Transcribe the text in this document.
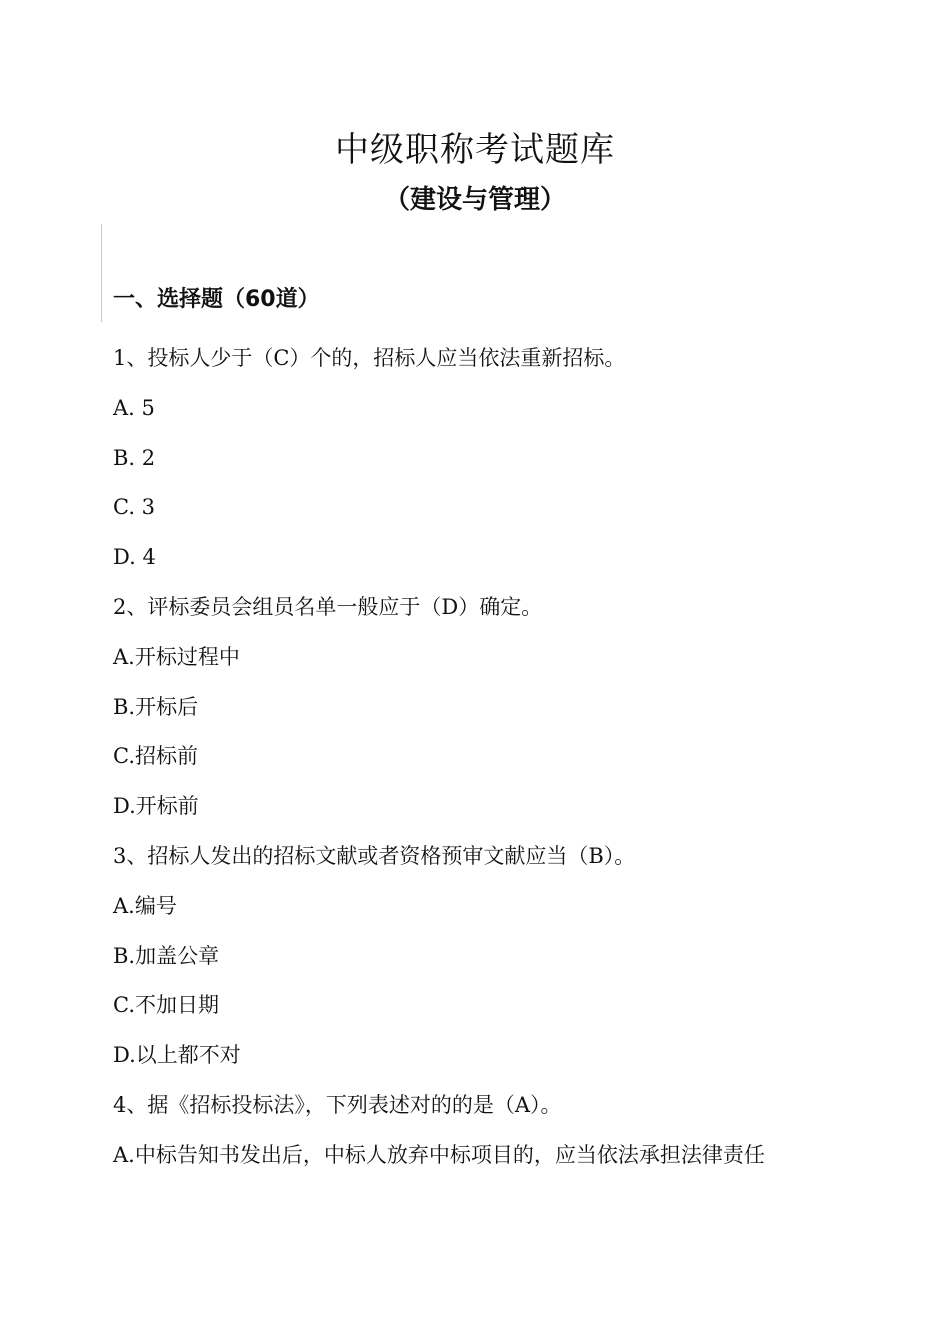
中级职称考试题库
（建设与管理）
一、选择题（60道）

1、投标人少于（C）个的，招标人应当依法重新招标。

A. 5

B. 2

C. 3

D. 4

2、评标委员会组员名单一般应于（D）确定。

A.开标过程中

B.开标后

C.招标前

D.开标前

3、招标人发出的招标文献或者资格预审文献应当（B）。

A.编号

B.加盖公章

C.不加日期

D.以上都不对

4、据《招标投标法》，下列表述对的的是（A）。

A.中标告知书发出后，中标人放弃中标项目的，应当依法承担法律责任
